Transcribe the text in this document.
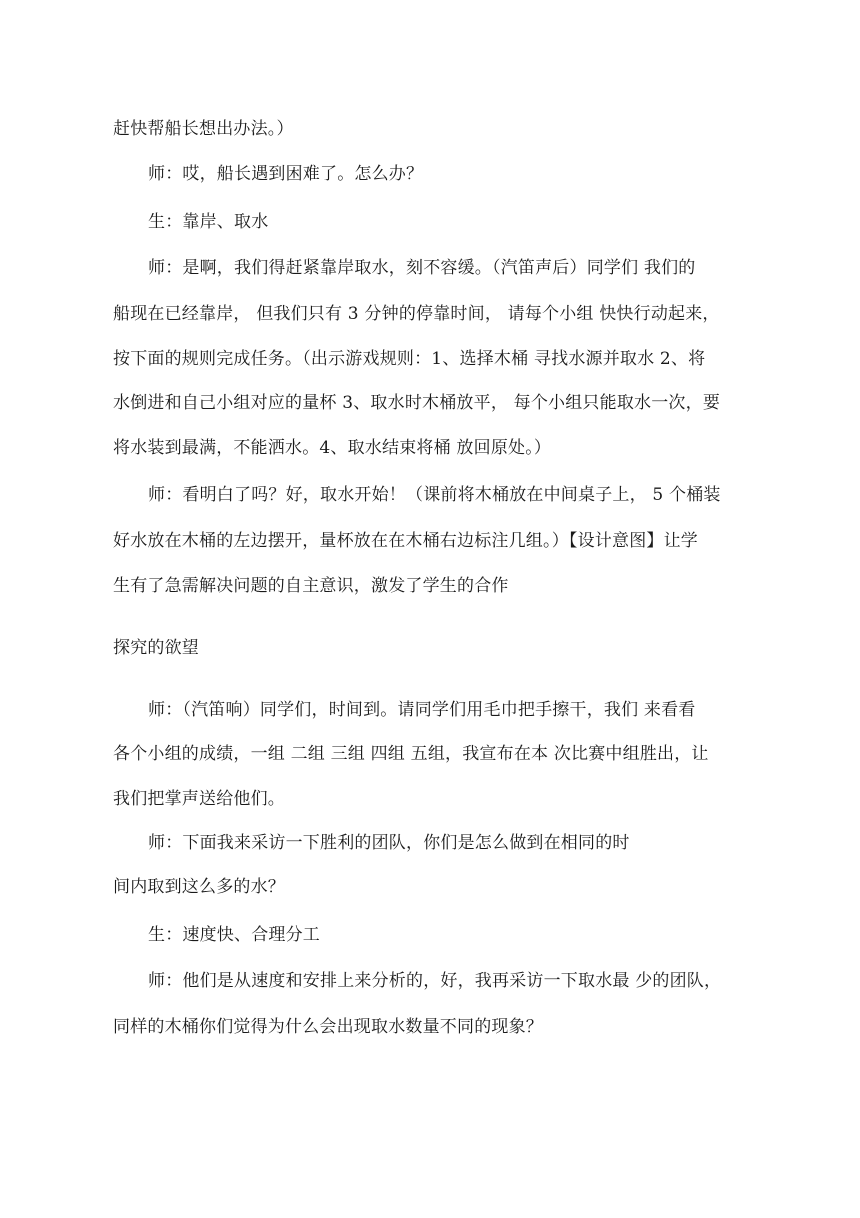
赶快帮船长想出办法。）
师：哎，船长遇到困难了。怎么办？
生：靠岸、取水
师：是啊，我们得赶紧靠岸取水，刻不容缓。（汽笛声后）同学们 我们的
船现在已经靠岸， 但我们只有 3 分钟的停靠时间， 请每个小组 快快行动起来，
按下面的规则完成任务。（出示游戏规则：1、选择木桶 寻找水源并取水 2、将
水倒进和自己小组对应的量杯 3、取水时木桶放平， 每个小组只能取水一次，要
将水装到最满，不能洒水。4、取水结束将桶 放回原处。）
师：看明白了吗？好，取水开始！（课前将木桶放在中间桌子上， 5 个桶装
好水放在木桶的左边摆开，量杯放在在木桶右边标注几组。）【设计意图】让学
生有了急需解决问题的自主意识，激发了学生的合作
探究的欲望
师：（汽笛响）同学们，时间到。请同学们用毛巾把手擦干，我们 来看看
各个小组的成绩，一组 二组 三组 四组 五组，我宣布在本 次比赛中组胜出，让
我们把掌声送给他们。
师：下面我来采访一下胜利的团队，你们是怎么做到在相同的时
间内取到这么多的水？
生：速度快、合理分工
师：他们是从速度和安排上来分析的，好，我再采访一下取水最 少的团队，
同样的木桶你们觉得为什么会出现取水数量不同的现象？
